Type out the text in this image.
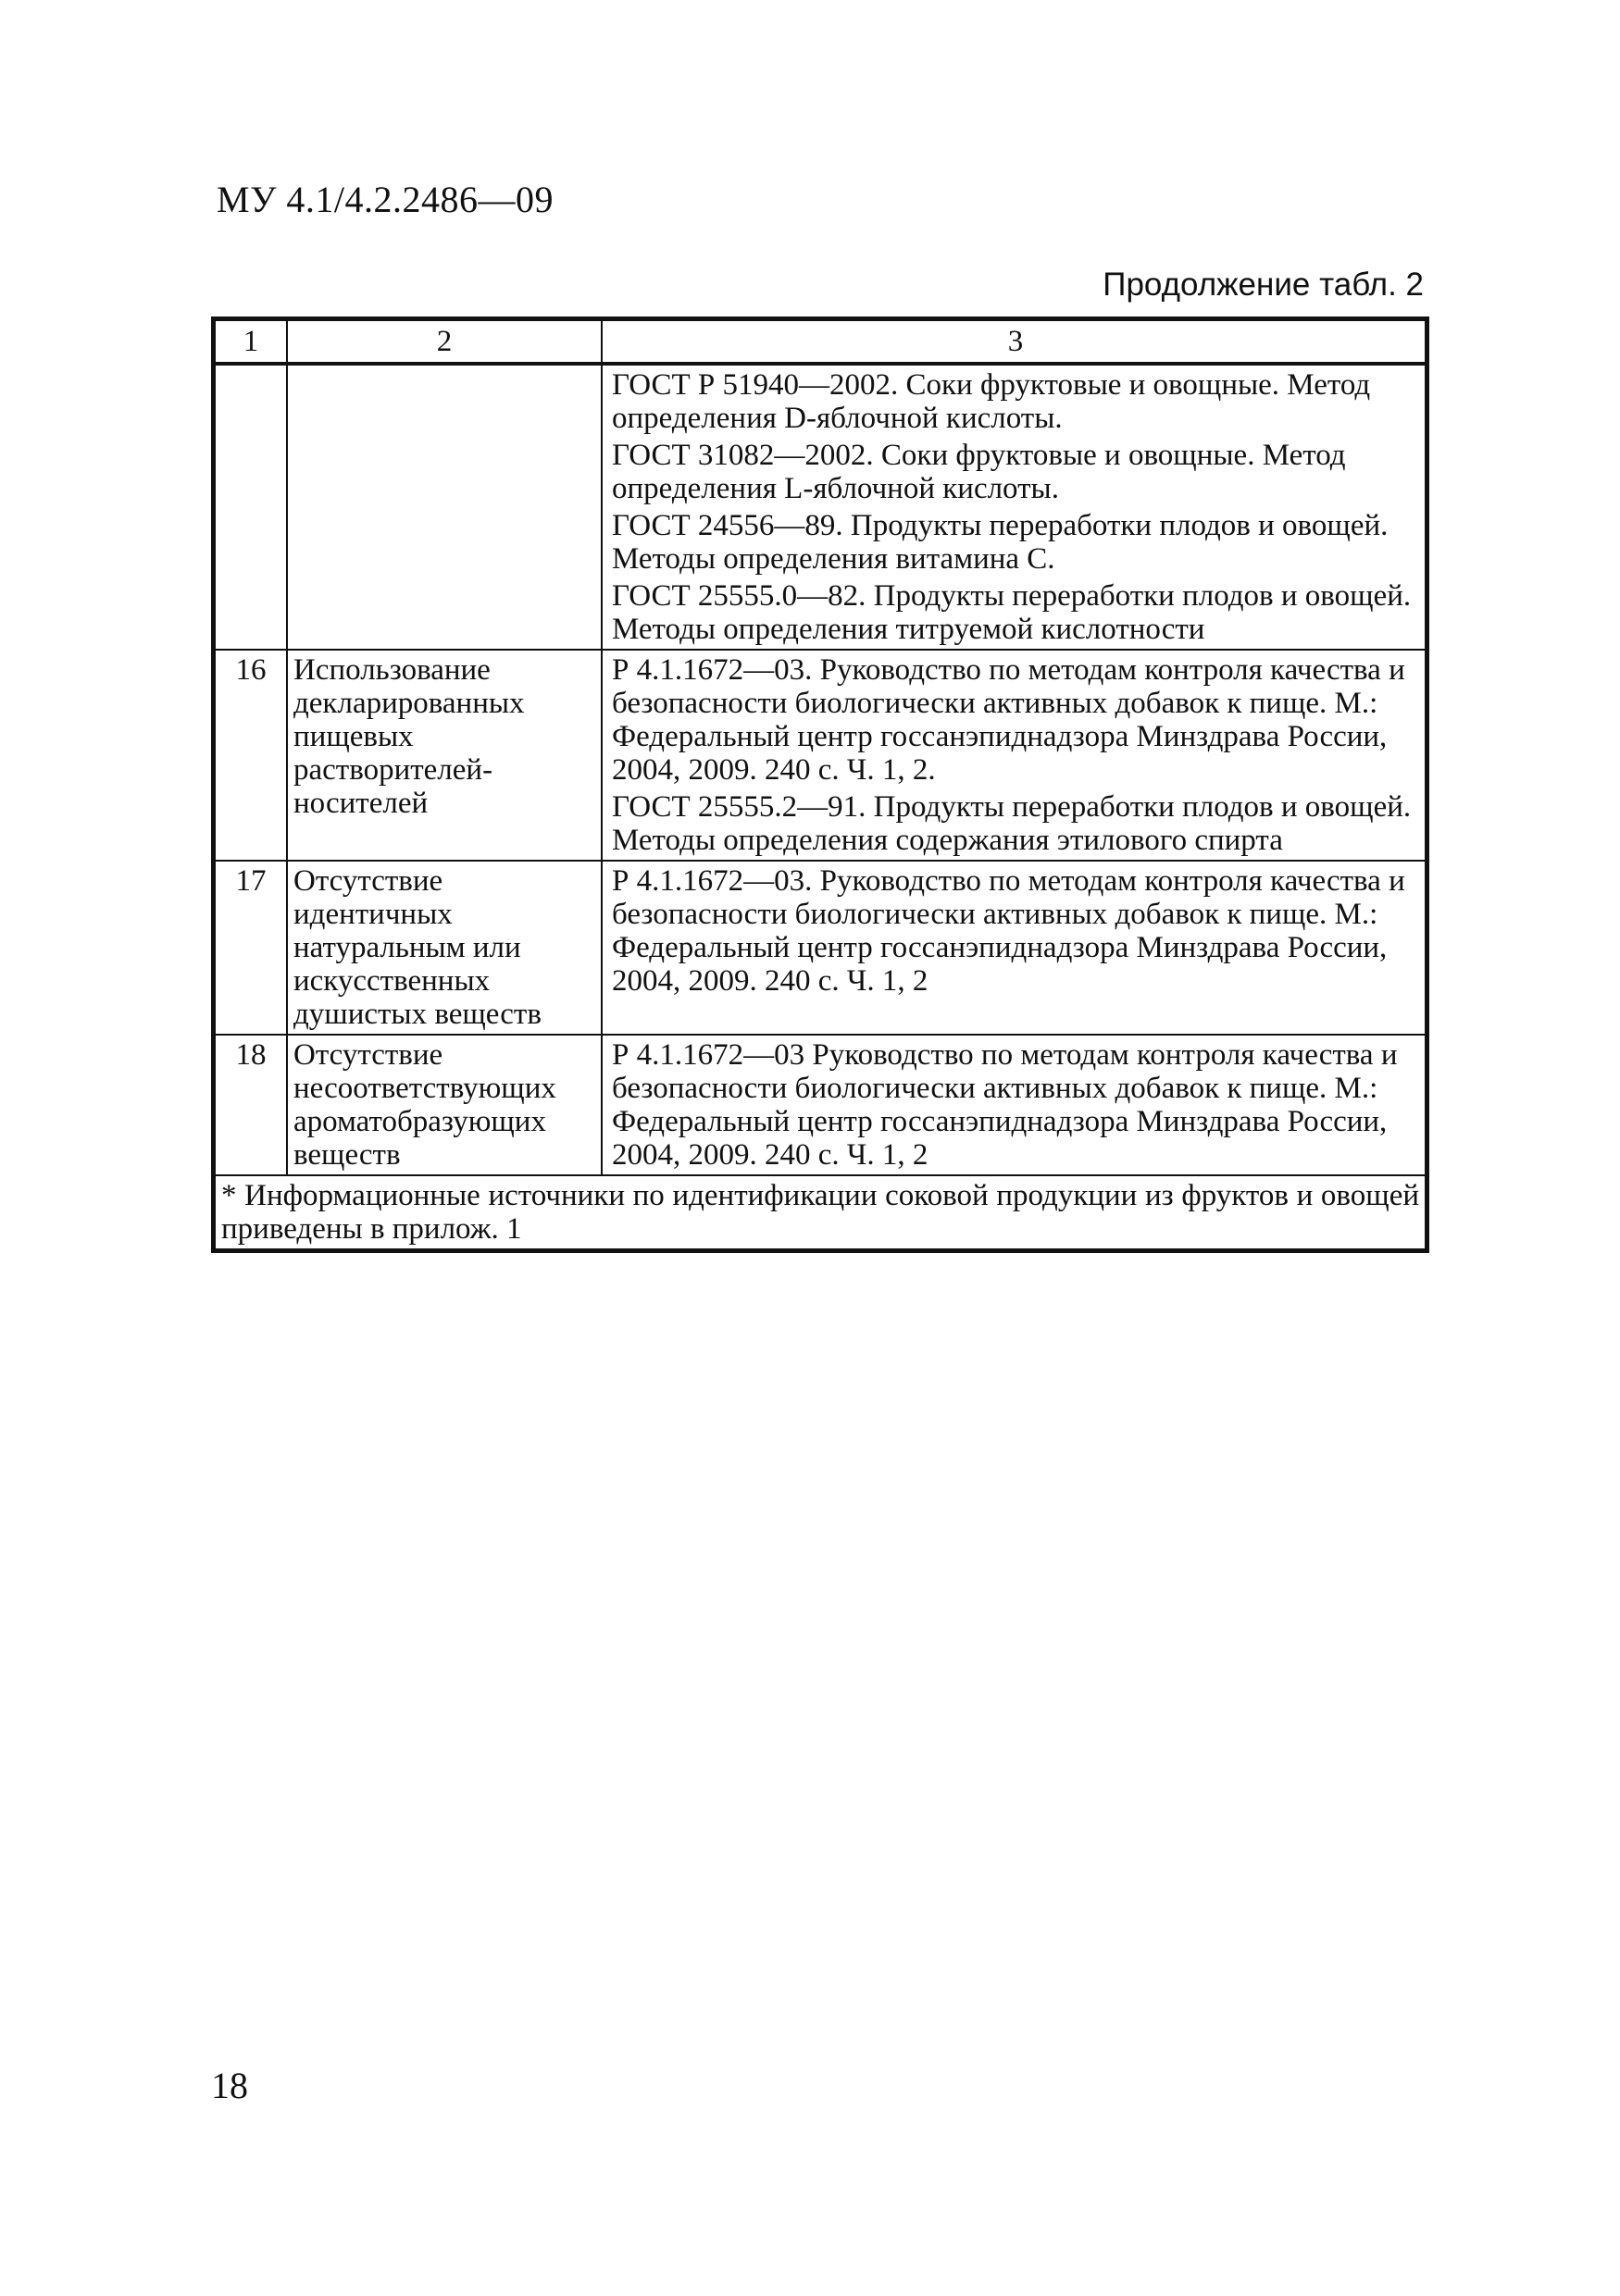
МУ 4.1/4.2.2486—09
Продолжение табл. 2
1	2	3

		ГОСТ Р 51940—2002. Соки фруктовые и овощные. Метод определения D-яблочной кислоты.
ГОСТ 31082—2002. Соки фруктовые и овощные. Метод определения L-яблочной кислоты.
ГОСТ 24556—89. Продукты переработки плодов и овощей. Методы определения витамина С.
ГОСТ 25555.0—82. Продукты переработки плодов и овощей. Методы определения титруемой кислотности

16	Использование декларированных пищевых растворителей-носителей	Р 4.1.1672—03. Руководство по методам контроля качества и безопасности биологически активных добавок к пище. М.: Федеральный центр госсанэпиднадзора Минздрава России, 2004, 2009. 240 с. Ч. 1, 2.
ГОСТ 25555.2—91. Продукты переработки плодов и овощей. Методы определения содержания этилового спирта

17	Отсутствие идентичных натуральным или искусственных душистых веществ	Р 4.1.1672—03. Руководство по методам контроля качества и безопасности биологически активных добавок к пище. М.: Федеральный центр госсанэпиднадзора Минздрава России, 2004, 2009. 240 с. Ч. 1, 2

18	Отсутствие несоответствующих ароматобразующих веществ	Р 4.1.1672—03 Руководство по методам контроля качества и безопасности биологически активных добавок к пище. М.: Федеральный центр госсанэпиднадзора Минздрава России, 2004, 2009. 240 с. Ч. 1, 2

* Информационные источники по идентификации соковой продукции из фруктов и овощей приведены в прилож. 1		
18
